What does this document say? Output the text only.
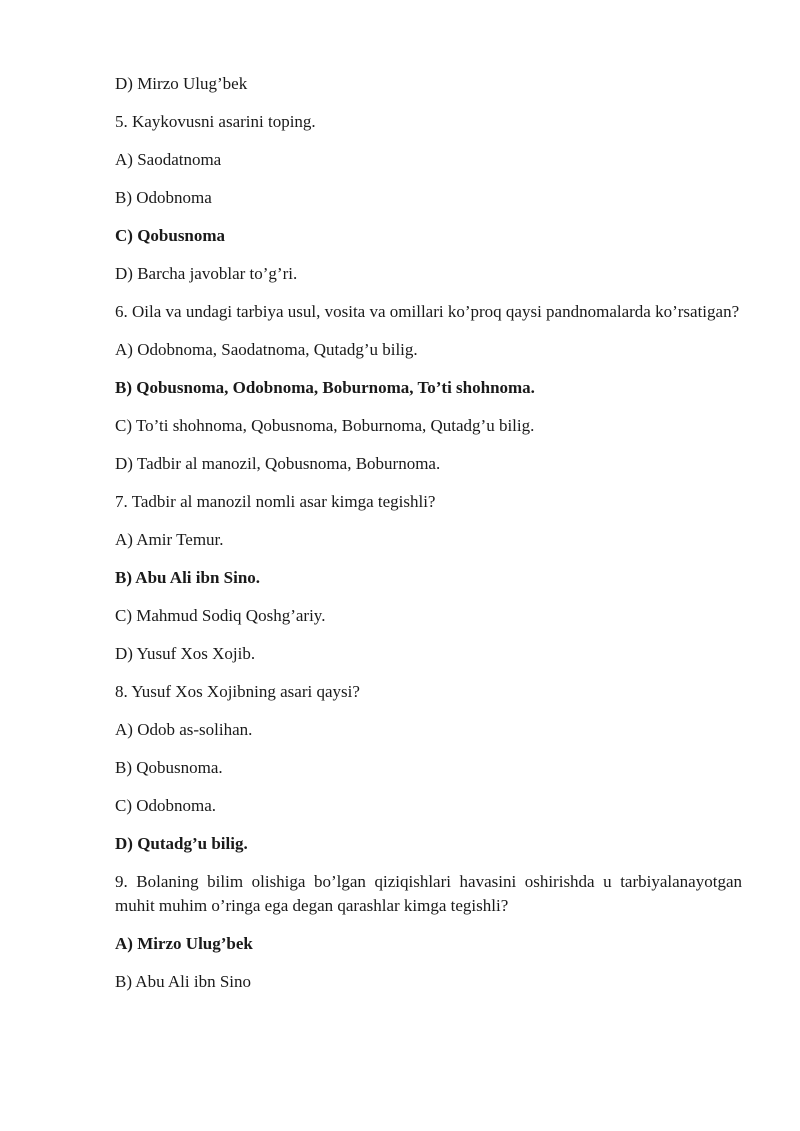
D) Mirzo Ulug’bek

5. Kaykovusni asarini toping.

A) Saodatnoma

B) Odobnoma

C) Qobusnoma

D) Barcha javoblar to’g’ri.

6. Oila va undagi tarbiya usul, vosita va omillari ko’proq qaysi pandnomalarda ko’rsatigan?

A) Odobnoma, Saodatnoma, Qutadg’u bilig.

B) Qobusnoma, Odobnoma, Boburnoma, To’ti shohnoma.

C) To’ti shohnoma, Qobusnoma, Boburnoma, Qutadg’u bilig.

D) Tadbir al manozil, Qobusnoma, Boburnoma.

7. Tadbir al manozil nomli asar kimga tegishli?

A) Amir Temur.

B) Abu Ali ibn Sino.

C) Mahmud Sodiq Qoshg’ariy.

D) Yusuf Xos Xojib.

8. Yusuf Xos Xojibning asari qaysi?

A) Odob as-solihan.

B) Qobusnoma.

C) Odobnoma.

D) Qutadg’u bilig.

9. Bolaning bilim olishiga bo’lgan qiziqishlari havasini oshirishda u tarbiyalanayotgan muhit muhim o’ringa ega degan qarashlar kimga tegishli?

A) Mirzo Ulug’bek

B) Abu Ali ibn Sino
